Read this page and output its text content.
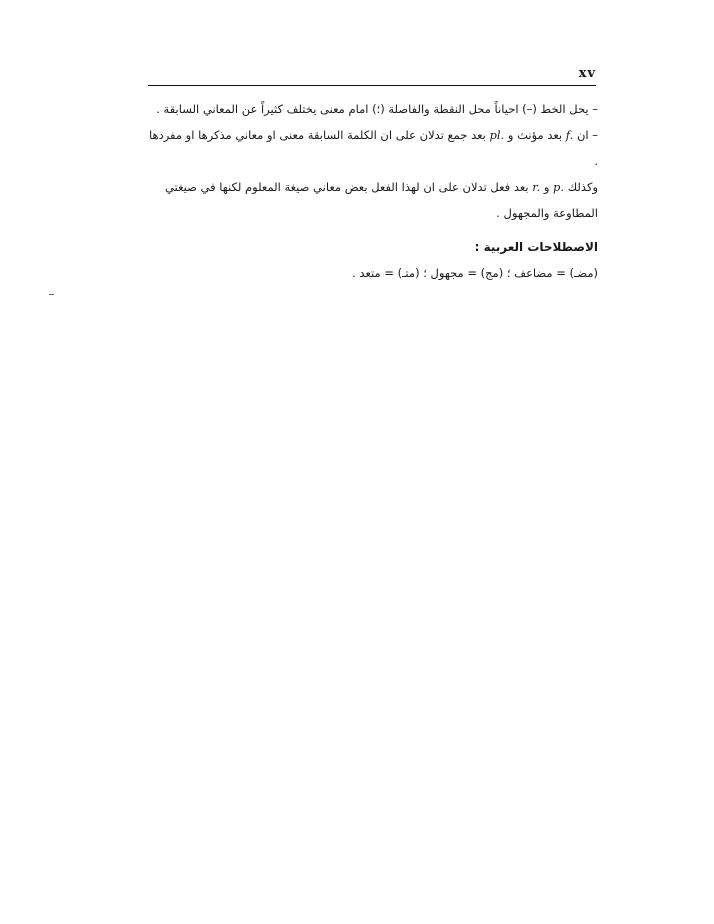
xv

– يحل الخط (–) احياناً محل النقطة والفاصلة (؛) امام معنى يختلف كثيراً عن المعاني السابقة .

– ان f. بعد مؤنث و pl. بعد جمع تدلان على ان الكلمة السابقة معنى او معاني مذكرها او مفردها .

وكذلك p. و r. بعد فعل تدلان على ان لهذا الفعل بعض معاني صيغة المعلوم لكنها في صيغتي المطاوعة والمجهول .

الاصطلاحات العربية :

(مضـ) = مضاعف ؛ (مج) = مجهول ؛ (متـ) = متعد .
